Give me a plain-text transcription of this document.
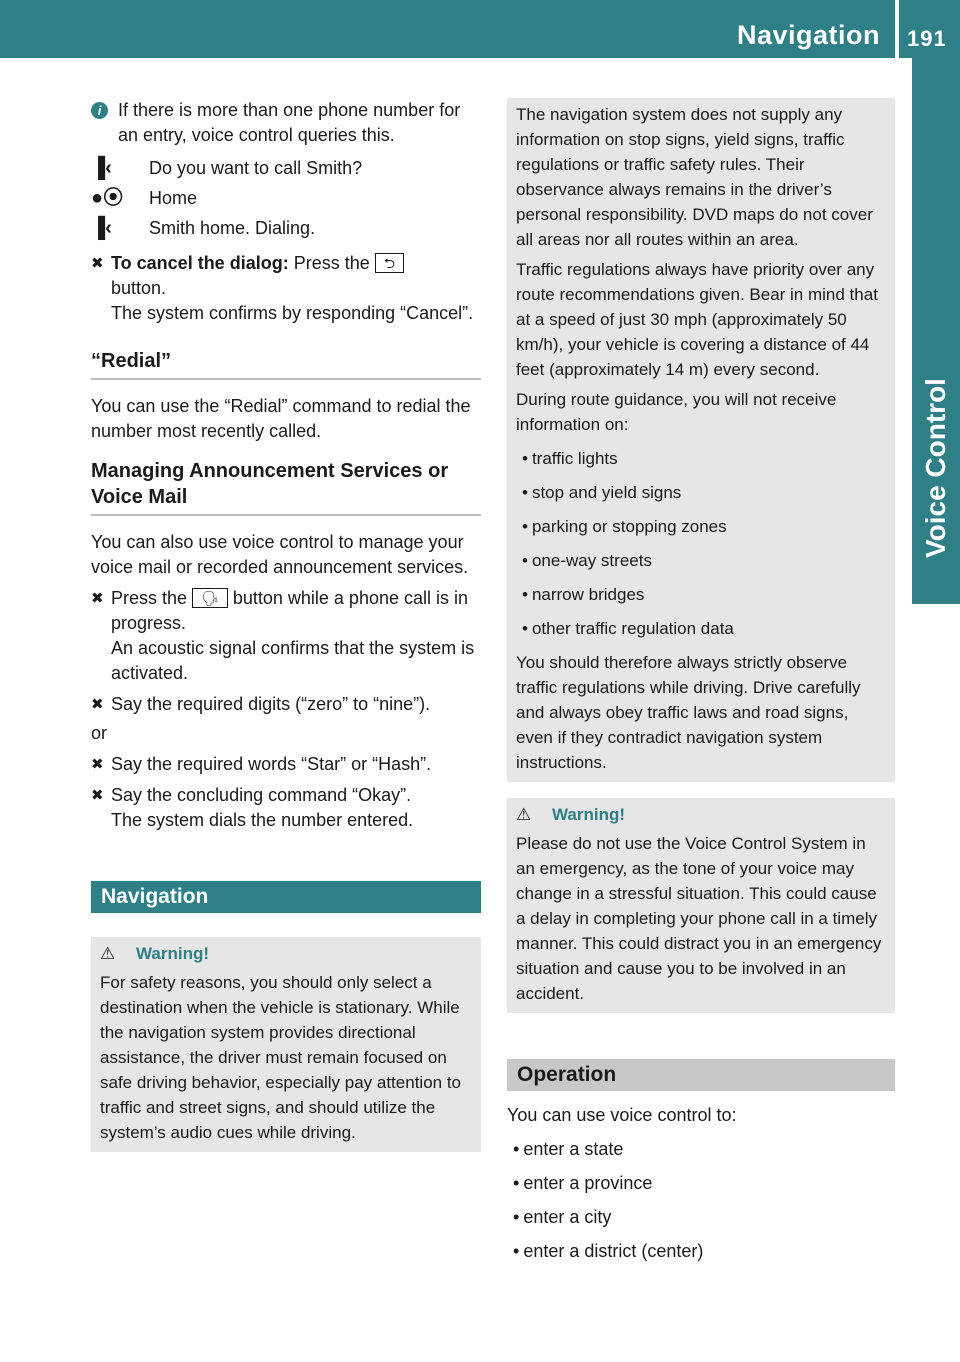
Navigation 191
Voice Control
i If there is more than one phone number for an entry, voice control queries this.

▐‹	Do you want to call Smith?
●⦿	Home
▐‹	Smith home. Dialing.
✖ To cancel the dialog: Press the ⮌
button.
The system confirms by responding “Cancel”.
“Redial”

You can use the “Redial” command to redial the number most recently called.

Managing Announcement Services or Voice Mail

You can also use voice control to manage your voice mail or recorded announcement services.

✖ Press the 🗣 button while a phone call is in progress.
An acoustic signal confirms that the system is activated.
✖ Say the required digits (“zero” to “nine”).

or

✖ Say the required words “Star” or “Hash”.
✖ Say the concluding command “Okay”.
The system dials the number entered.
Navigation
⚠ Warning!

For safety reasons, you should only select a destination when the vehicle is stationary. While the navigation system provides directional assistance, the driver must remain focused on safe driving behavior, especially pay attention to traffic and street signs, and should utilize the system’s audio cues while driving.

The navigation system does not supply any information on stop signs, yield signs, traffic regulations or traffic safety rules. Their observance always remains in the driver’s personal responsibility. DVD maps do not cover all areas nor all routes within an area.

Traffic regulations always have priority over any route recommendations given. Bear in mind that at a speed of just 30 mph (approximately 50 km/h), your vehicle is covering a distance of 44 feet (approximately 14 m) every second.

During route guidance, you will not receive information on:

• traffic lights
• stop and yield signs
• parking or stopping zones
• one-way streets
• narrow bridges
• other traffic regulation data

You should therefore always strictly observe traffic regulations while driving. Drive carefully and always obey traffic laws and road signs, even if they contradict navigation system instructions.

⚠ Warning!

Please do not use the Voice Control System in an emergency, as the tone of your voice may change in a stressful situation. This could cause a delay in completing your phone call in a timely manner. This could distract you in an emergency situation and cause you to be involved in an accident.

Operation

You can use voice control to:

• enter a state
• enter a province
• enter a city
• enter a district (center)
